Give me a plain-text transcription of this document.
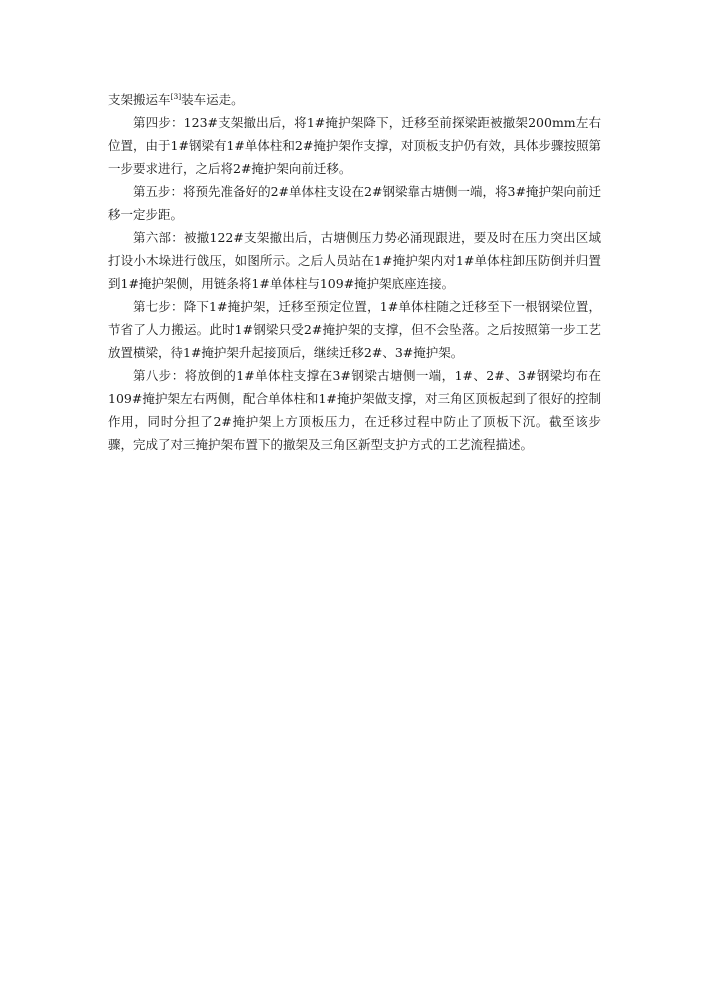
支架搬运车[3]装车运走。

第四步：123#支架撤出后，将1#掩护架降下，迁移至前探梁距被撤架200mm左右位置，由于1#钢梁有1#单体柱和2#掩护架作支撑，对顶板支护仍有效，具体步骤按照第一步要求进行，之后将2#掩护架向前迁移。

第五步：将预先准备好的2#单体柱支设在2#钢梁靠古塘侧一端，将3#掩护架向前迁移一定步距。

第六部：被撤122#支架撤出后，古塘侧压力势必涌现跟进，要及时在压力突出区域打设小木垛进行戗压，如图所示。之后人员站在1#掩护架内对1#单体柱卸压防倒并归置到1#掩护架侧，用链条将1#单体柱与109#掩护架底座连接。

第七步：降下1#掩护架，迁移至预定位置，1#单体柱随之迁移至下一根钢梁位置，节省了人力搬运。此时1#钢梁只受2#掩护架的支撑，但不会坠落。之后按照第一步工艺放置横梁，待1#掩护架升起接顶后，继续迁移2#、3#掩护架。

第八步：将放倒的1#单体柱支撑在3#钢梁古塘侧一端，1#、2#、3#钢梁均布在109#掩护架左右两侧，配合单体柱和1#掩护架做支撑，对三角区顶板起到了很好的控制作用，同时分担了2#掩护架上方顶板压力，在迁移过程中防止了顶板下沉。截至该步骤，完成了对三掩护架布置下的撤架及三角区新型支护方式的工艺流程描述。
